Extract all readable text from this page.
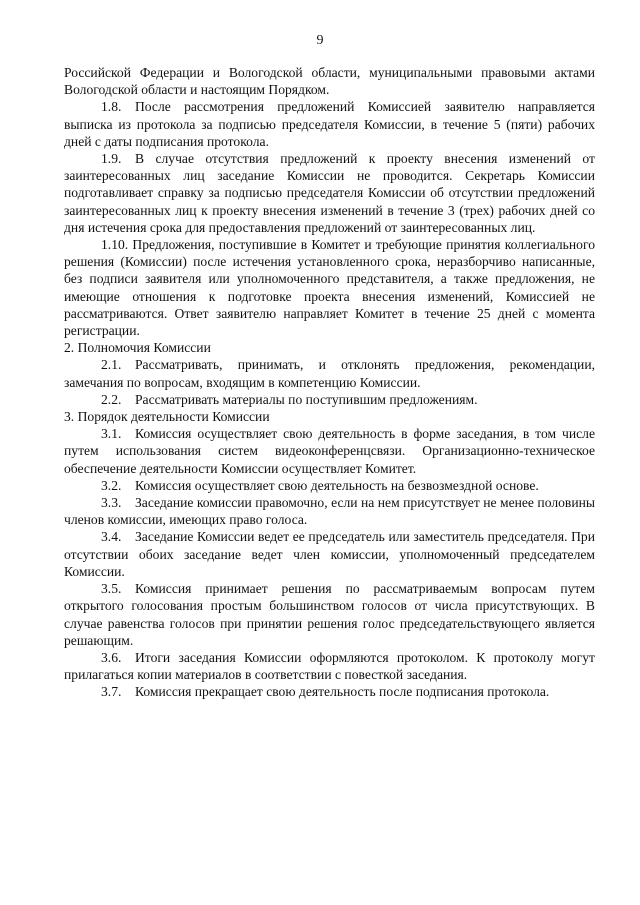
9

Российской Федерации и Вологодской области, муниципальными правовыми актами Вологодской области и настоящим Порядком.

1.8. После рассмотрения предложений Комиссией заявителю направляется выписка из протокола за подписью председателя Комиссии, в течение 5 (пяти) рабочих дней с даты подписания протокола.

1.9. В случае отсутствия предложений к проекту внесения изменений от заинтересованных лиц заседание Комиссии не проводится. Секретарь Комиссии подготавливает справку за подписью председателя Комиссии об отсутствии предложений заинтересованных лиц к проекту внесения изменений в течение 3 (трех) рабочих дней со дня истечения срока для предоставления предложений от заинтересованных лиц.

1.10. Предложения, поступившие в Комитет и требующие принятия коллегиального решения (Комиссии) после истечения установленного срока, неразборчиво написанные, без подписи заявителя или уполномоченного представителя, а также предложения, не имеющие отношения к подготовке проекта внесения изменений, Комиссией не рассматриваются. Ответ заявителю направляет Комитет в течение 25 дней с момента регистрации.

2. Полномочия Комиссии

2.1. Рассматривать, принимать, и отклонять предложения, рекомендации, замечания по вопросам, входящим в компетенцию Комиссии.

2.2. Рассматривать материалы по поступившим предложениям.

3. Порядок деятельности Комиссии

3.1. Комиссия осуществляет свою деятельность в форме заседания, в том числе путем использования систем видеоконференцсвязи. Организационно-техническое обеспечение деятельности Комиссии осуществляет Комитет.

3.2. Комиссия осуществляет свою деятельность на безвозмездной основе.

3.3. Заседание комиссии правомочно, если на нем присутствует не менее половины членов комиссии, имеющих право голоса.

3.4. Заседание Комиссии ведет ее председатель или заместитель председателя. При отсутствии обоих заседание ведет член комиссии, уполномоченный председателем Комиссии.

3.5. Комиссия принимает решения по рассматриваемым вопросам путем открытого голосования простым большинством голосов от числа присутствующих. В случае равенства голосов при принятии решения голос председательствующего является решающим.

3.6. Итоги заседания Комиссии оформляются протоколом. К протоколу могут прилагаться копии материалов в соответствии с повесткой заседания.

3.7. Комиссия прекращает свою деятельность после подписания протокола.
